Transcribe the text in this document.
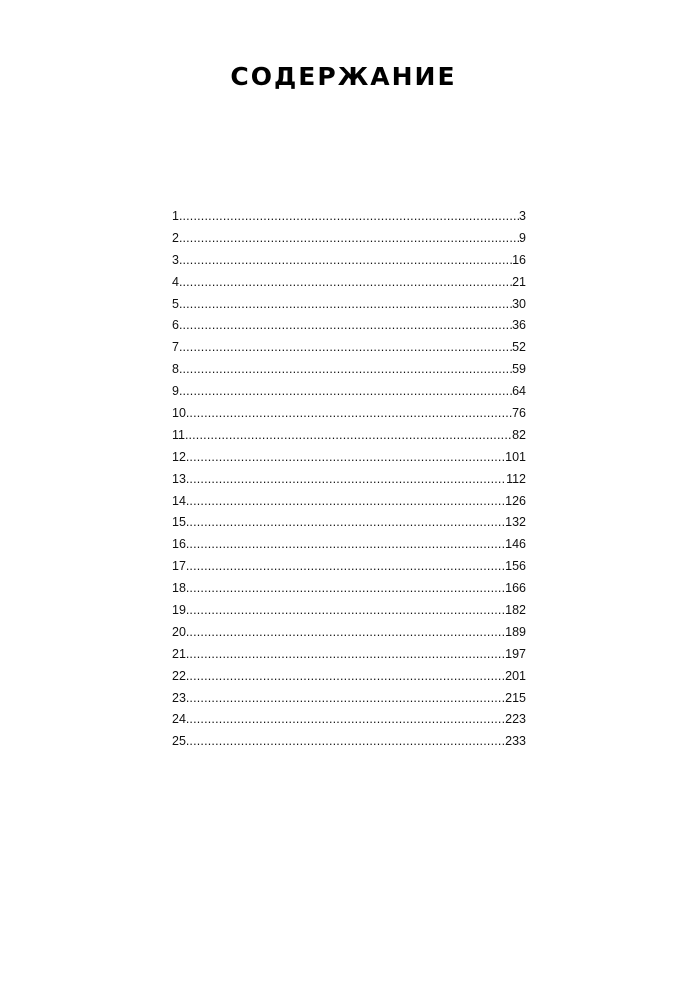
СОДЕРЖАНИЕ
1. .....	3
2. .....	9
3. .....	16
4. .....	21
5. .....	30
6. .....	36
7. .....	52
8. .....	59
9. .....	64
10. .....	76
11. .....	82
12. .....	101
13. .....	112
14. .....	126
15. .....	132
16. .....	146
17. .....	156
18. .....	166
19. .....	182
20. .....	189
21. .....	197
22. .....	201
23. .....	215
24. .....	223
25. .....	233
